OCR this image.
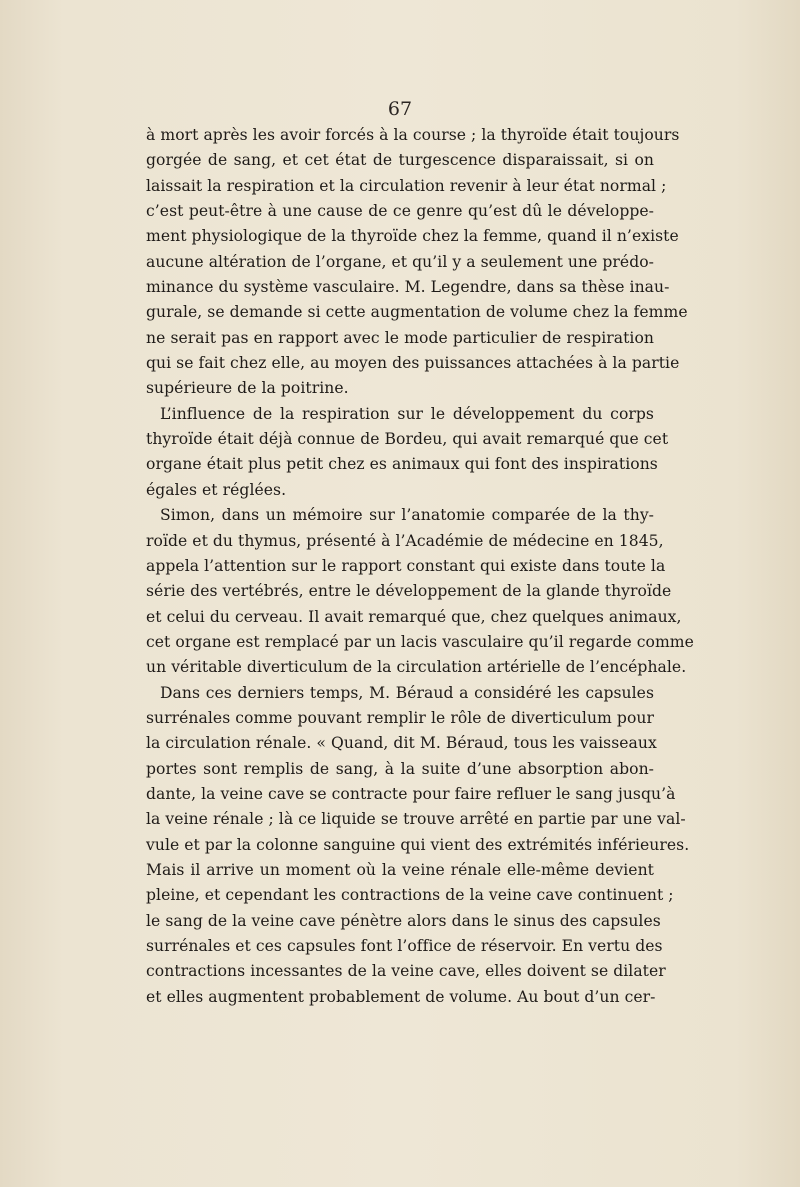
67
à mort après les avoir forcés à la course ; la thyroïde était toujours
gorgée de sang, et cet état de turgescence disparaissait, si on
laissait la respiration et la circulation revenir à leur état normal ;
c’est peut-être à une cause de ce genre qu’est dû le développe-
ment physiologique de la thyroïde chez la femme, quand il n’existe
aucune altération de l’organe, et qu’il y a seulement une prédo-
minance du système vasculaire. M. Legendre, dans sa thèse inau-
gurale, se demande si cette augmentation de volume chez la femme
ne serait pas en rapport avec le mode particulier de respiration
qui se fait chez elle, au moyen des puissances attachées à la partie
supérieure de la poitrine.
L’influence de la respiration sur le développement du corps
thyroïde était déjà connue de Bordeu, qui avait remarqué que cet
organe était plus petit chez es animaux qui font des inspirations
égales et réglées.
Simon, dans un mémoire sur l’anatomie comparée de la thy-
roïde et du thymus, présenté à l’Académie de médecine en 1845,
appela l’attention sur le rapport constant qui existe dans toute la
série des vertébrés, entre le développement de la glande thyroïde
et celui du cerveau. Il avait remarqué que, chez quelques animaux,
cet organe est remplacé par un lacis vasculaire qu’il regarde comme
un véritable diverticulum de la circulation artérielle de l’encéphale.
Dans ces derniers temps, M. Béraud a considéré les capsules
surrénales comme pouvant remplir le rôle de diverticulum pour
la circulation rénale. « Quand, dit M. Béraud, tous les vaisseaux
portes sont remplis de sang, à la suite d’une absorption abon-
dante, la veine cave se contracte pour faire refluer le sang jusqu’à
la veine rénale ; là ce liquide se trouve arrêté en partie par une val-
vule et par la colonne sanguine qui vient des extrémités inférieures.
Mais il arrive un moment où la veine rénale elle-même devient
pleine, et cependant les contractions de la veine cave continuent ;
le sang de la veine cave pénètre alors dans le sinus des capsules
surrénales et ces capsules font l’office de réservoir. En vertu des
contractions incessantes de la veine cave, elles doivent se dilater
et elles augmentent probablement de volume. Au bout d’un cer-
